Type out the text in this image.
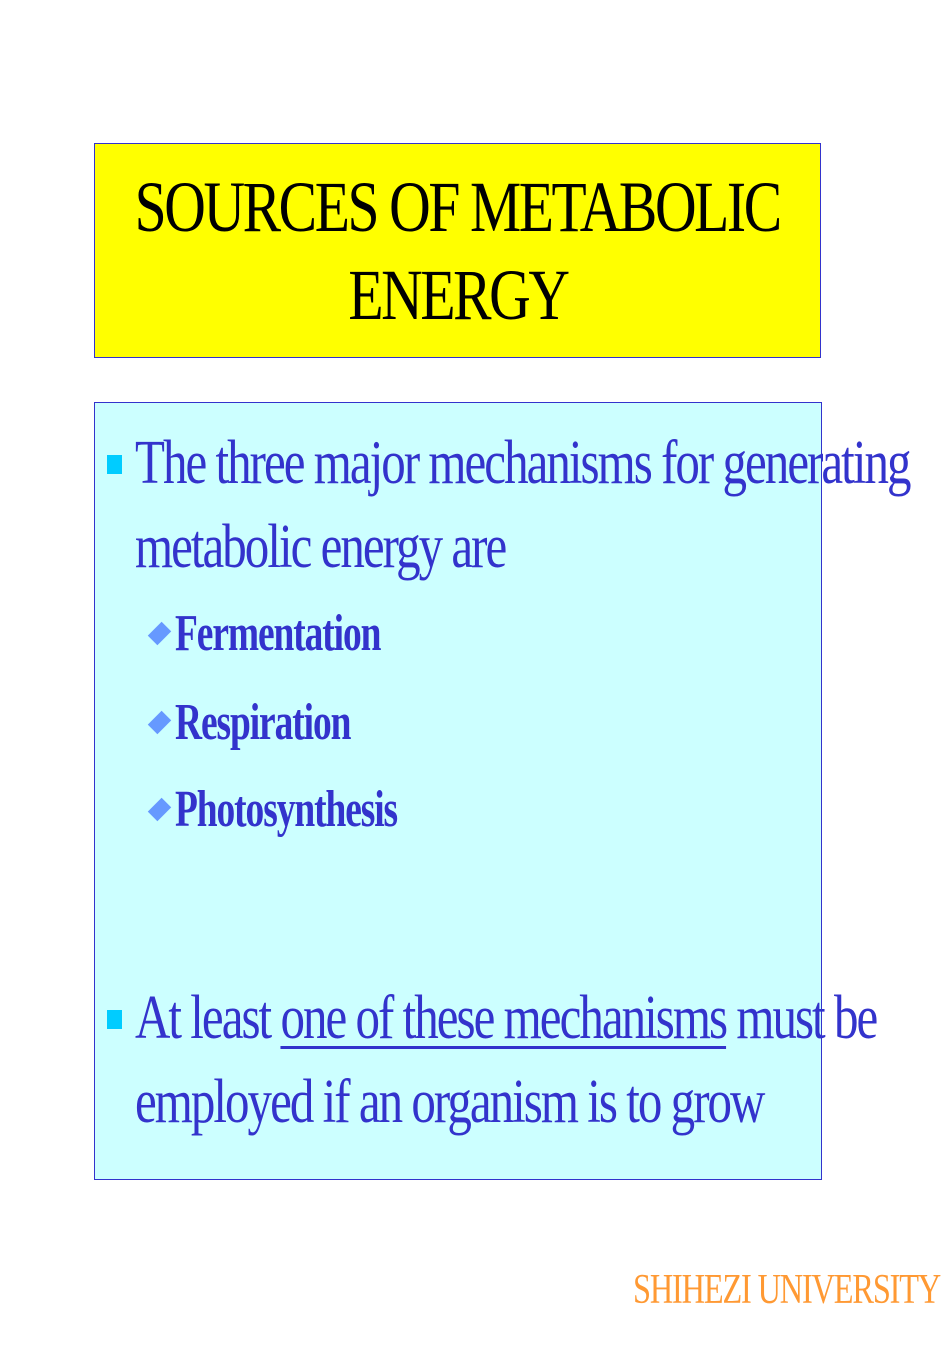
SOURCES OF METABOLIC
ENERGY
The three major mechanisms for generating
metabolic energy are
Fermentation
Respiration
Photosynthesis
At least one of these mechanisms must be
employed if an organism is to grow
SHIHEZI UNIVERSITY
